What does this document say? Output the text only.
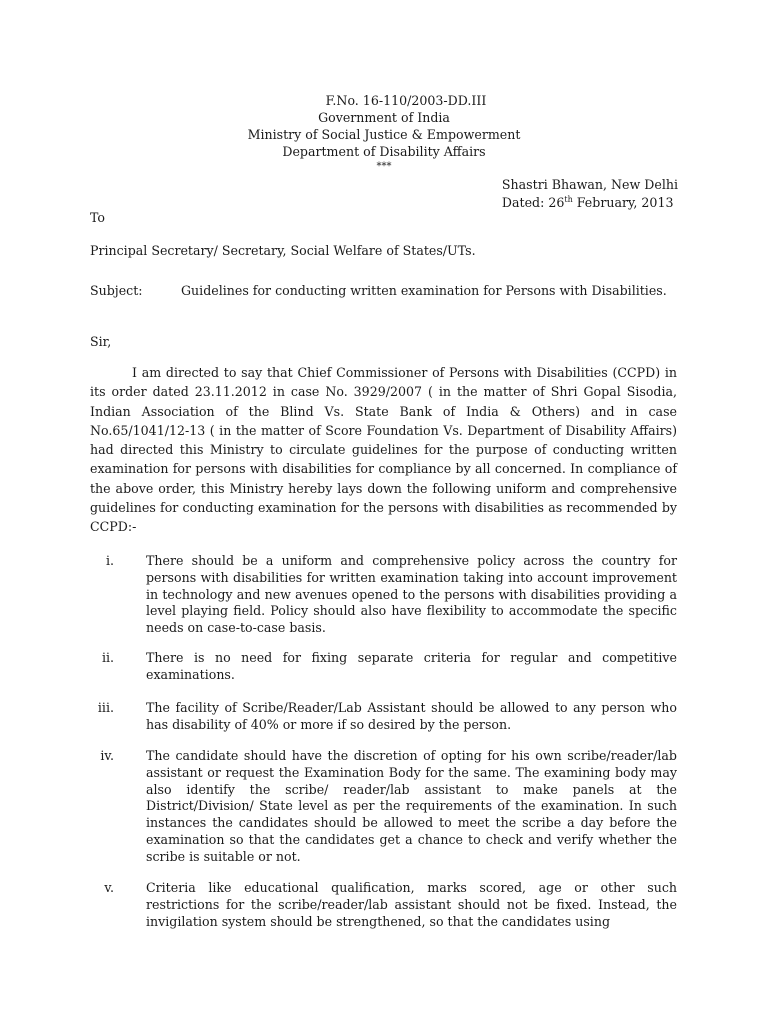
F.No. 16-110/2003-DD.III
Government of India
Ministry of Social Justice & Empowerment
Department of Disability Affairs
***
Shastri Bhawan, New Delhi
Dated: 26th February, 2013
To
Principal Secretary/ Secretary, Social Welfare of States/UTs.
Subject:	Guidelines for conducting written examination for Persons with Disabilities.
Sir,
I am directed to say that Chief Commissioner of Persons with Disabilities (CCPD) in its order dated 23.11.2012 in case No. 3929/2007 ( in the matter of Shri Gopal Sisodia, Indian Association of the Blind Vs. State Bank of India & Others) and in case No.65/1041/12-13 ( in the matter of Score Foundation Vs. Department of Disability Affairs) had directed this Ministry to circulate guidelines for the purpose of conducting written examination for persons with disabilities for compliance by all concerned. In compliance of the above order, this Ministry hereby lays down the following uniform and comprehensive guidelines for conducting examination for the persons with disabilities as recommended by CCPD:-
i.	There should be a uniform and comprehensive policy across the country for persons with disabilities for written examination taking into account improvement in technology and new avenues opened to the persons with disabilities providing a level playing field. Policy should also have flexibility to accommodate the specific needs on case-to-case basis.
ii.	There is no need for fixing separate criteria for regular and competitive examinations.
iii.	The facility of Scribe/Reader/Lab Assistant should be allowed to any person who has disability of 40% or more if so desired by the person.
iv.	The candidate should have the discretion of opting for his own scribe/reader/lab assistant or request the Examination Body for the same. The examining body may also identify the scribe/ reader/lab assistant to make panels at the District/Division/ State level as per the requirements of the examination. In such instances the candidates should be allowed to meet the scribe a day before the examination so that the candidates get a chance to check and verify whether the scribe is suitable or not.
v.	Criteria like educational qualification, marks scored, age or other such restrictions for the scribe/reader/lab assistant should not be fixed. Instead, the invigilation system should be strengthened, so that the candidates using
